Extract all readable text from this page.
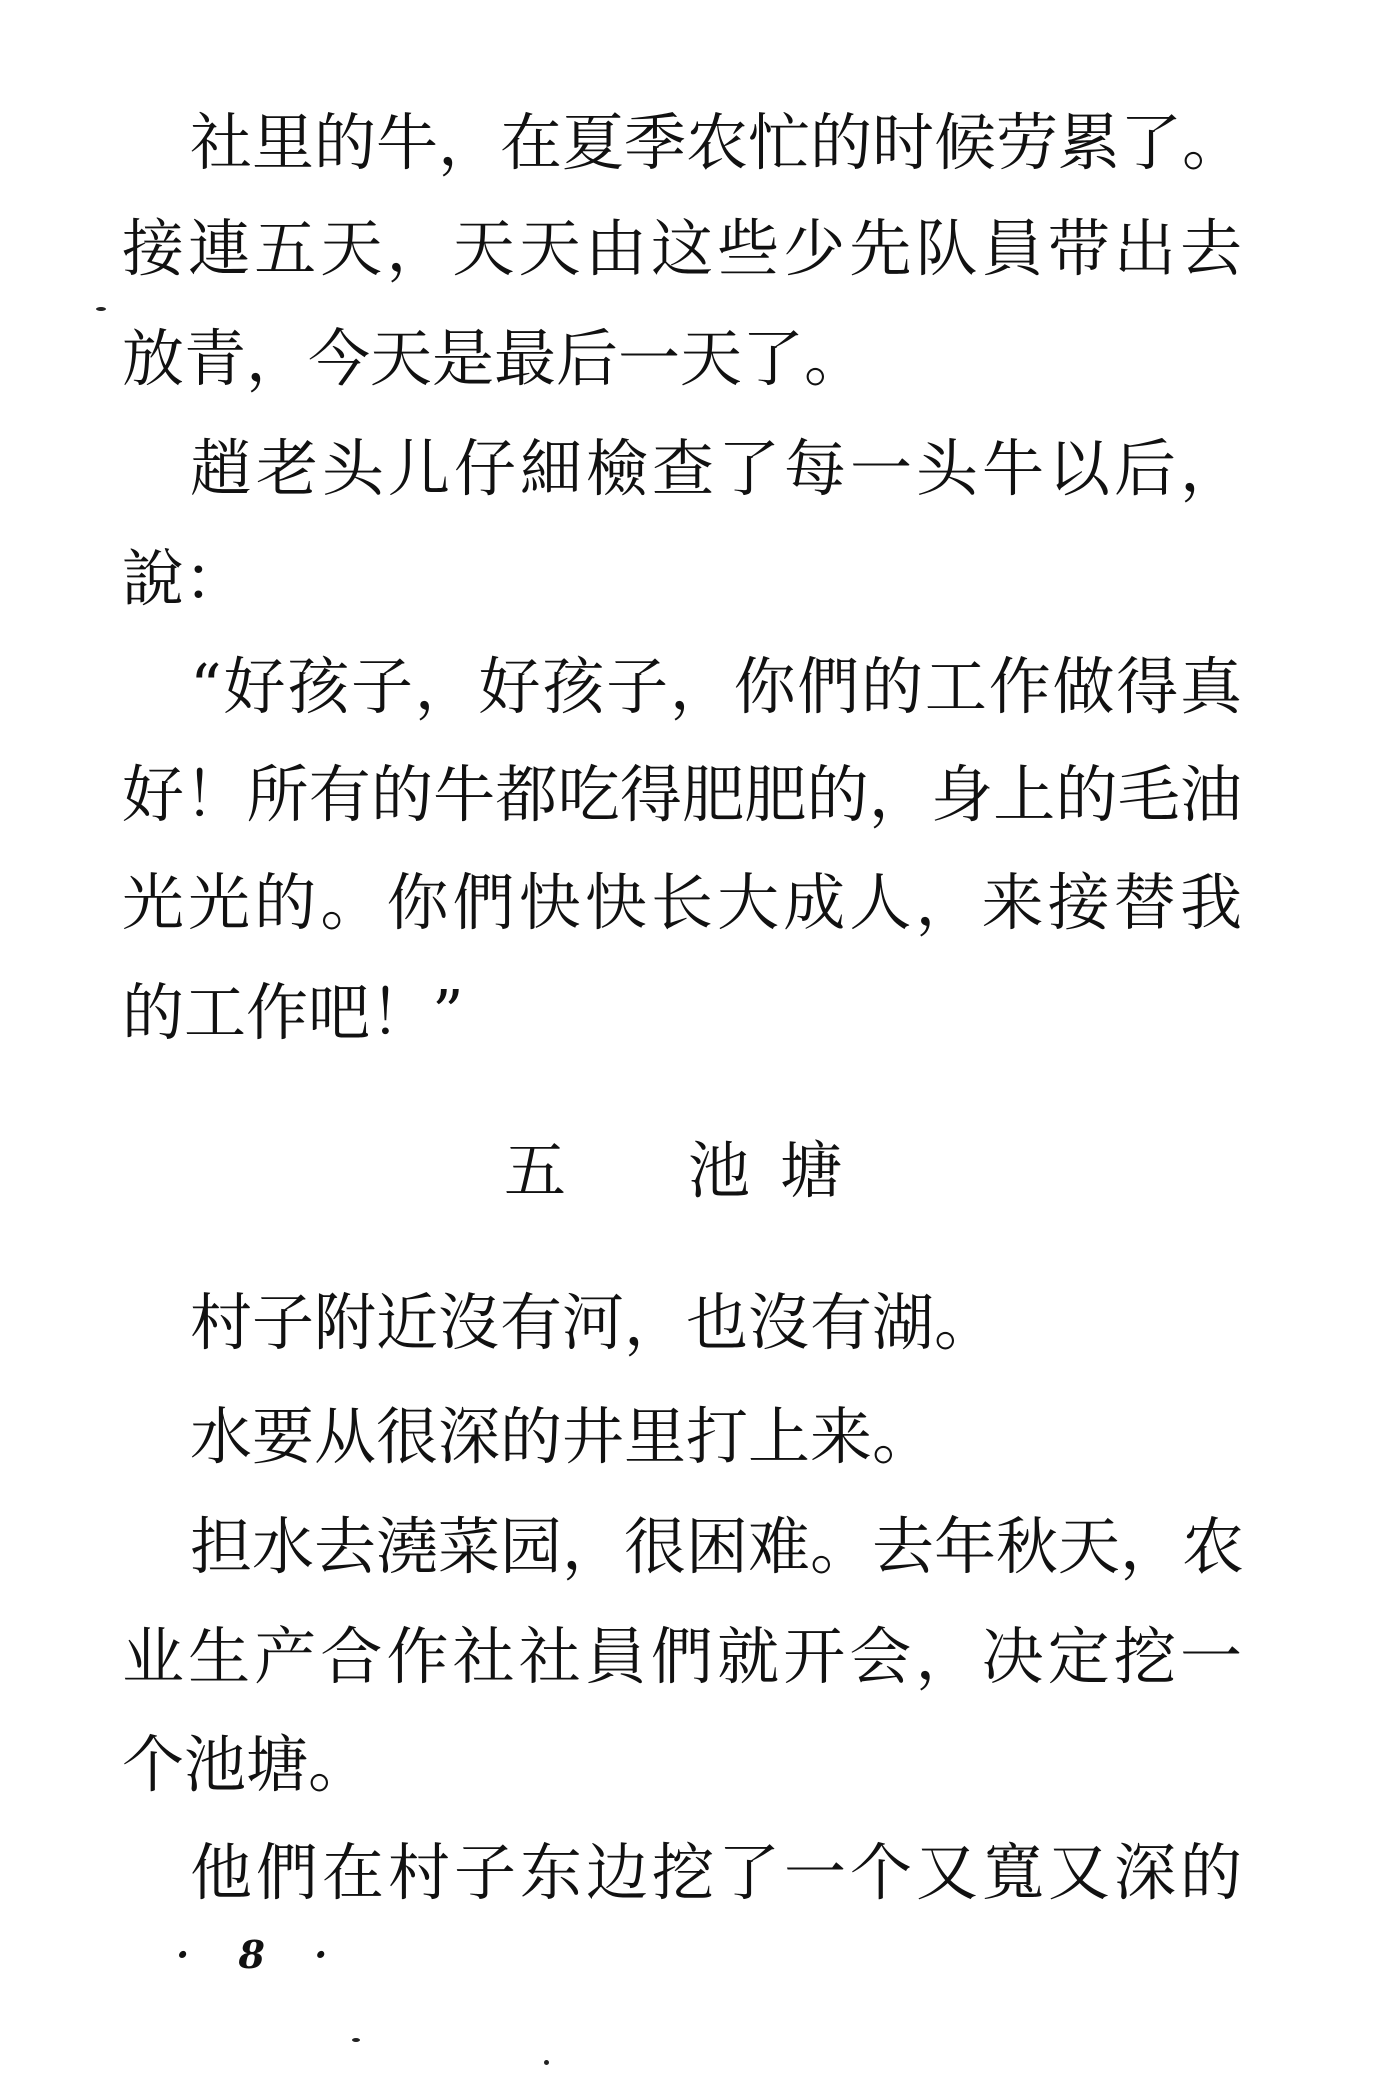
社里的牛，在夏季农忙的时候劳累了。
接連五天，天天由这些少先队員带出去
放青，今天是最后一天了。
趙老头儿仔細檢查了每一头牛以后，
說：
“好孩子，好孩子，你們的工作做得真
好！所有的牛都吃得肥肥的，身上的毛油
光光的。你們快快长大成人，来接替我
的工作吧！”
五　池塘
村子附近沒有河，也沒有湖。
水要从很深的井里打上来。
担水去澆菜园，很困难。去年秋天，农
业生产合作社社員們就开会，决定挖一
个池塘。
他們在村子东边挖了一个又寬又深的
· 8 ·
